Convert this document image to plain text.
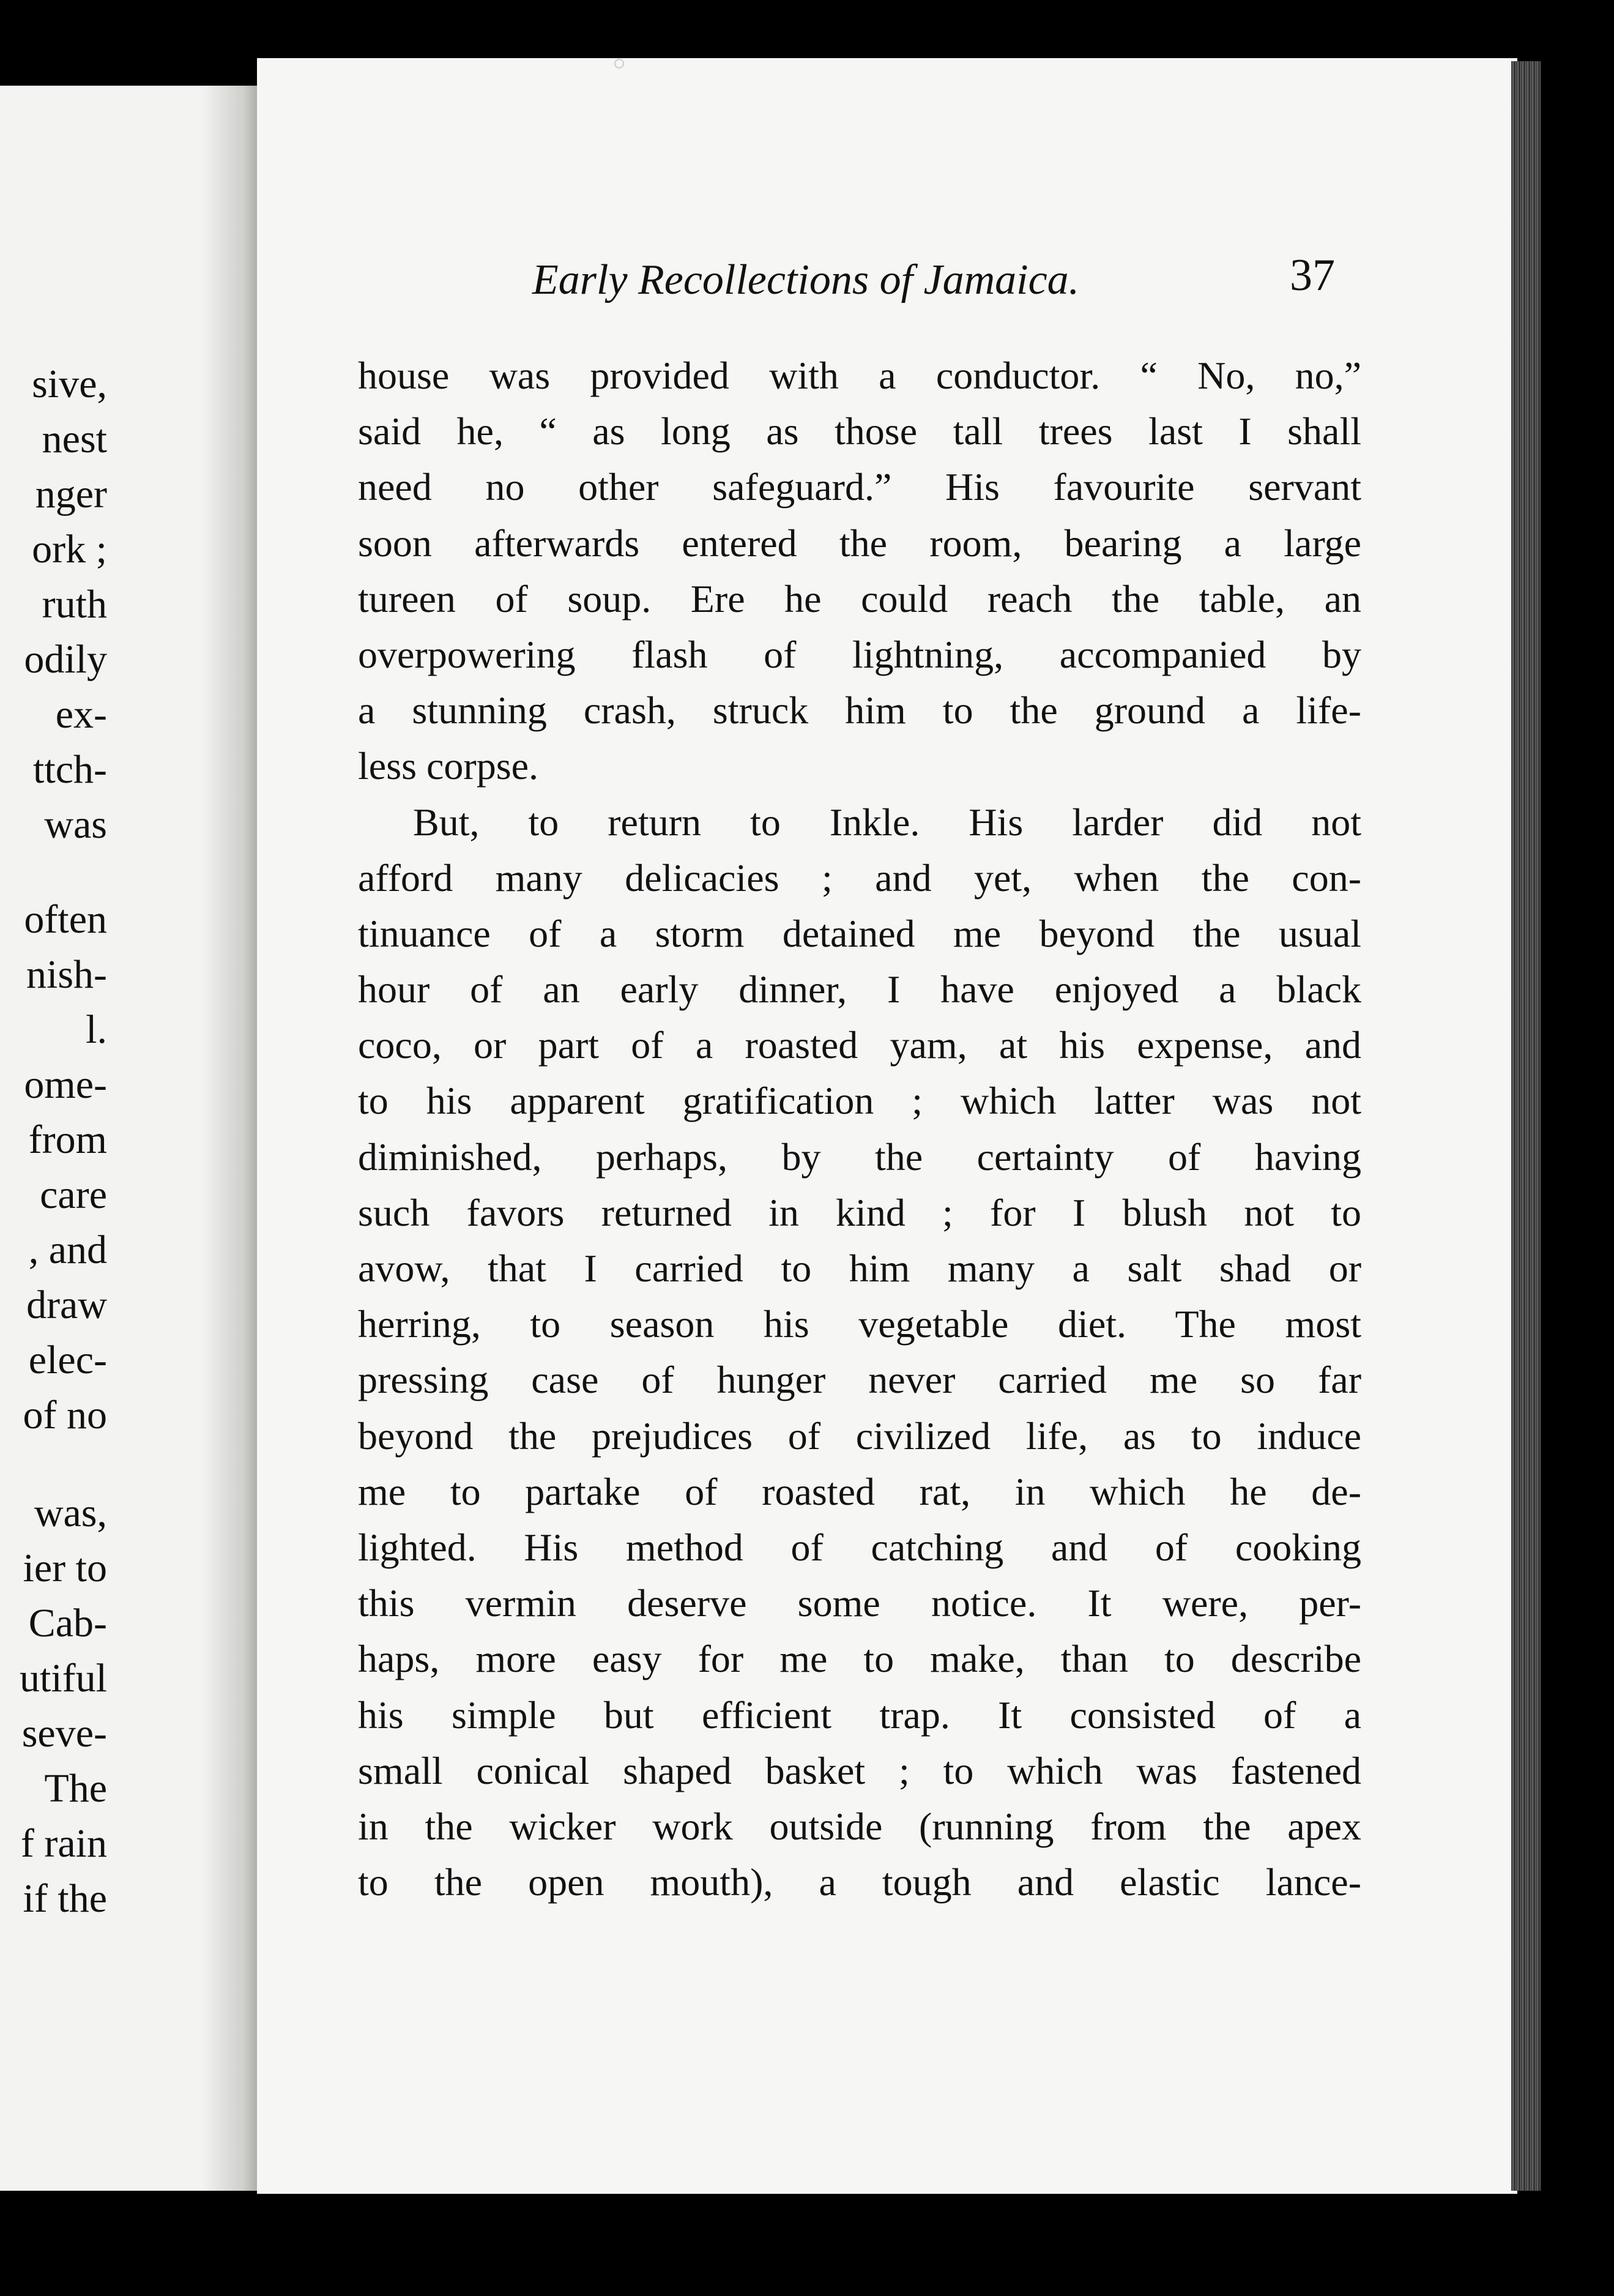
sive,
nest
nger
ork ;
ruth
odily
ex-
ttch-
was
often
nish-
l.
ome-
from
care
, and
draw
elec-
of no
was,
ier to
Cab-
utiful
seve-
The
f rain
if the
Early Recollections of Jamaica.	37
house was provided with a conductor. “ No, no,”
said he, “ as long as those tall trees last I shall
need no other safeguard.” His favourite servant
soon afterwards entered the room, bearing a large
tureen of soup. Ere he could reach the table, an
overpowering flash of lightning, accompanied by
a stunning crash, struck him to the ground a life-
less corpse.
But, to return to Inkle. His larder did not
afford many delicacies ; and yet, when the con-
tinuance of a storm detained me beyond the usual
hour of an early dinner, I have enjoyed a black
coco, or part of a roasted yam, at his expense, and
to his apparent gratification ; which latter was not
diminished, perhaps, by the certainty of having
such favors returned in kind ; for I blush not to
avow, that I carried to him many a salt shad or
herring, to season his vegetable diet. The most
pressing case of hunger never carried me so far
beyond the prejudices of civilized life, as to induce
me to partake of roasted rat, in which he de-
lighted. His method of catching and of cooking
this vermin deserve some notice. It were, per-
haps, more easy for me to make, than to describe
his simple but efficient trap. It consisted of a
small conical shaped basket ; to which was fastened
in the wicker work outside (running from the apex
to the open mouth), a tough and elastic lance-
